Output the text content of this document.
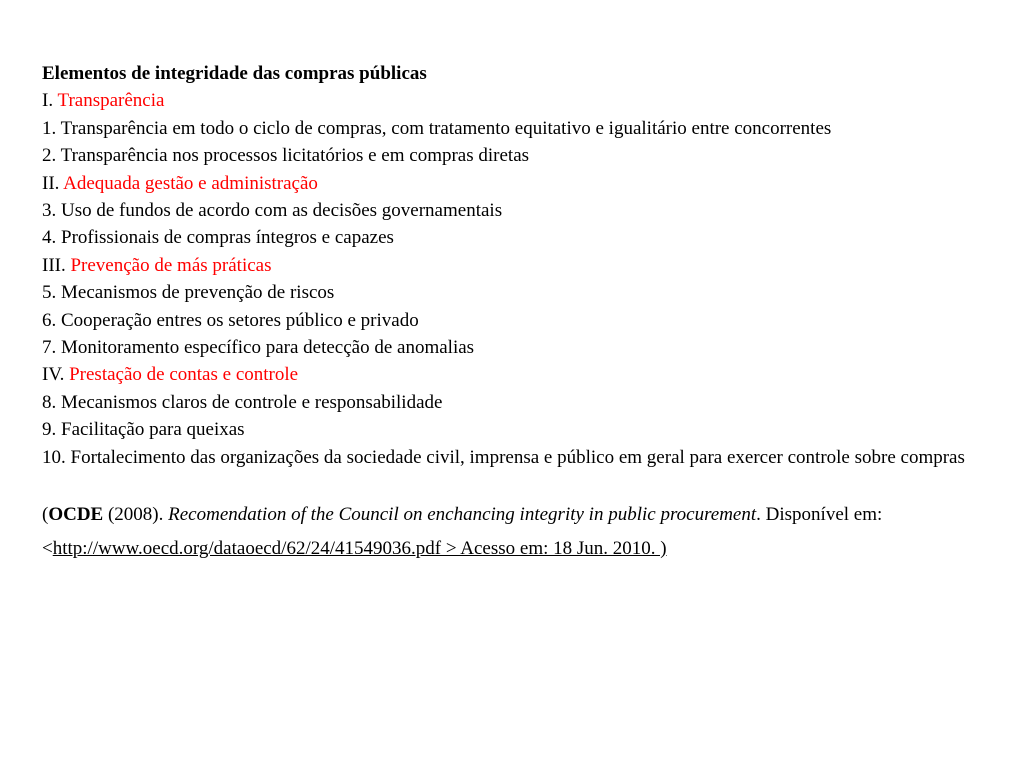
Elementos de integridade das compras públicas

I. Transparência

1. Transparência em todo o ciclo de compras, com tratamento equitativo e igualitário entre concorrentes

2. Transparência nos processos licitatórios e em compras diretas

II. Adequada gestão e administração

3. Uso de fundos de acordo com as decisões governamentais

4. Profissionais de compras íntegros e capazes

III. Prevenção de más práticas

5. Mecanismos de prevenção de riscos

6. Cooperação entres os setores público e privado

7. Monitoramento específico para detecção de anomalias

IV. Prestação de contas e controle

8. Mecanismos claros de controle e responsabilidade

9. Facilitação para queixas

10. Fortalecimento das organizações da sociedade civil, imprensa e público em geral para exercer controle sobre compras

(OCDE (2008). Recomendation of the Council on enchancing integrity in public procurement. Disponível em: <http://www.oecd.org/dataoecd/62/24/41549036.pdf > Acesso em: 18 Jun. 2010. )
